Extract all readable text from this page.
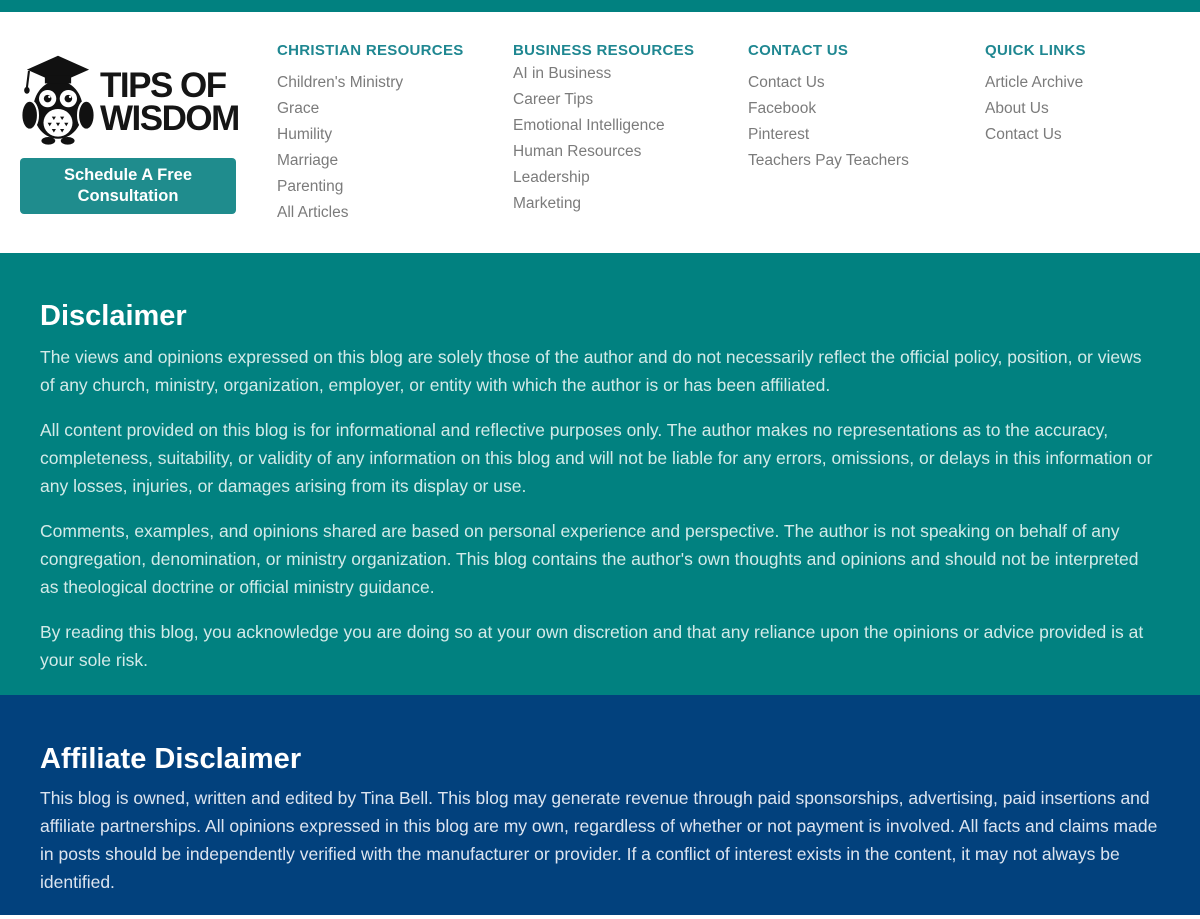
TIPS OF
WISDOM
Schedule A Free Consultation
CHRISTIAN RESOURCES
Children's Ministry
Grace
Humility
Marriage
Parenting
All Articles
BUSINESS RESOURCES
AI in Business
Career Tips
Emotional Intelligence
Human Resources
Leadership
Marketing
CONTACT US
Contact Us
Facebook
Pinterest
Teachers Pay Teachers
QUICK LINKS
Article Archive
About Us
Contact Us
Disclaimer

The views and opinions expressed on this blog are solely those of the author and do not necessarily reflect the official policy, position, or views of any church, ministry, organization, employer, or entity with which the author is or has been affiliated.

All content provided on this blog is for informational and reflective purposes only. The author makes no representations as to the accuracy, completeness, suitability, or validity of any information on this blog and will not be liable for any errors, omissions, or delays in this information or any losses, injuries, or damages arising from its display or use.

Comments, examples, and opinions shared are based on personal experience and perspective. The author is not speaking on behalf of any congregation, denomination, or ministry organization. This blog contains the author's own thoughts and opinions and should not be interpreted as theological doctrine or official ministry guidance.

By reading this blog, you acknowledge you are doing so at your own discretion and that any reliance upon the opinions or advice provided is at your sole risk.

Affiliate Disclaimer

This blog is owned, written and edited by Tina Bell. This blog may generate revenue through paid sponsorships, advertising, paid insertions and affiliate partnerships. All opinions expressed in this blog are my own, regardless of whether or not payment is involved. All facts and claims made in posts should be independently verified with the manufacturer or provider. If a conflict of interest exists in the content, it may not always be identified.
